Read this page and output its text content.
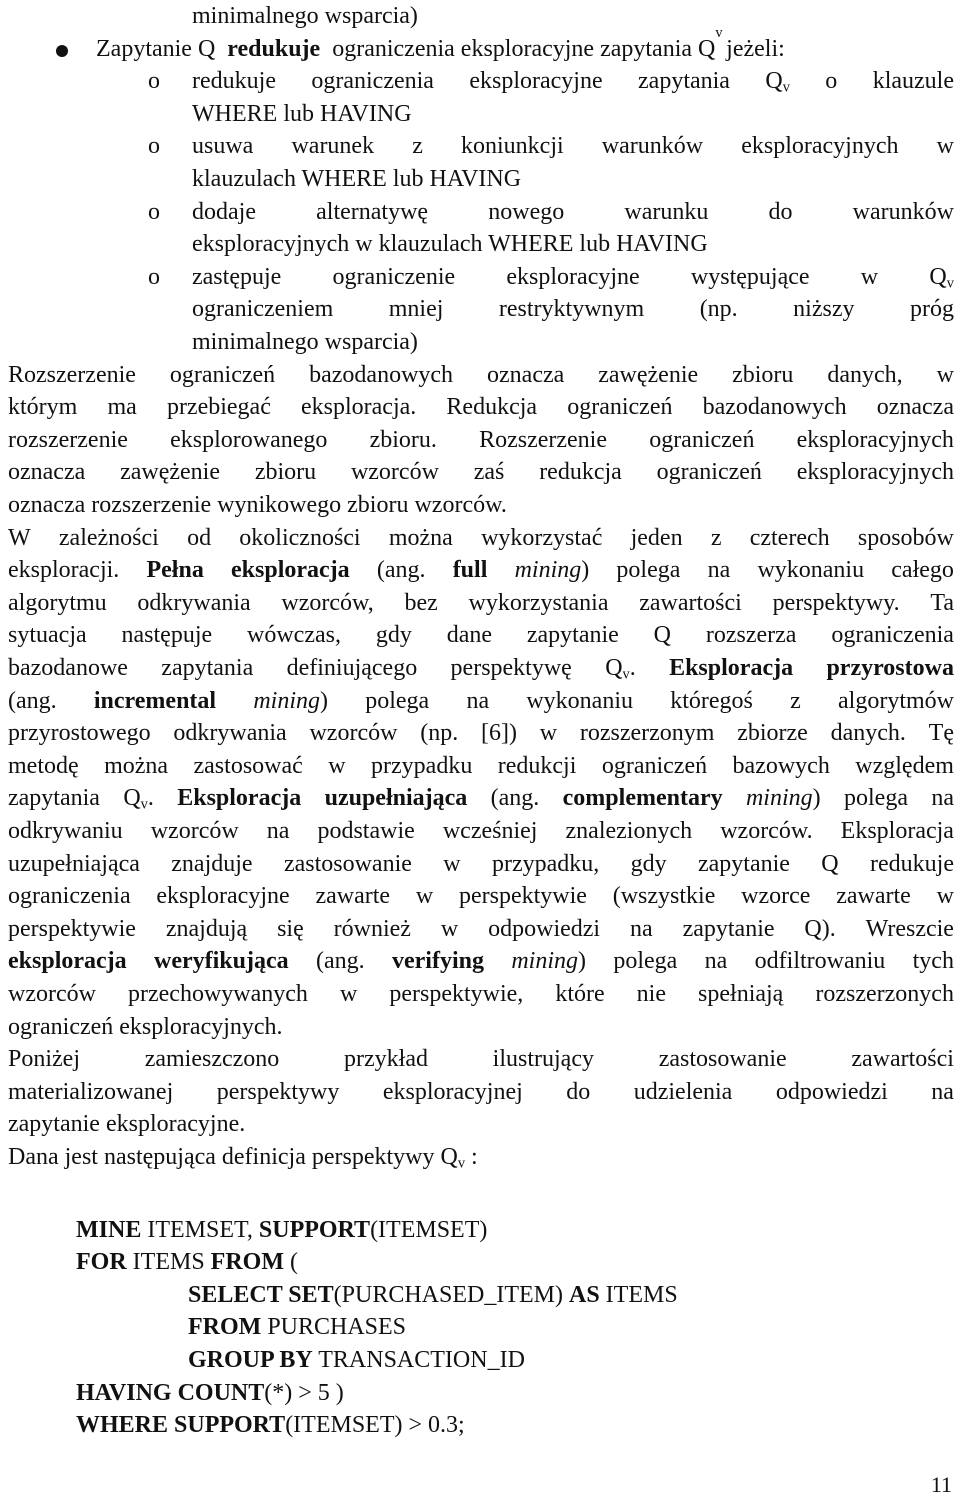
minimalnego wsparcia)
Zapytanie Q redukuje ograniczenia eksploracyjne zapytania Q
v
jeżeli:
o	redukuje ograniczenia eksploracyjne zapytania $Q_v$ o klauzule
WHERE lub HAVING
o	usuwa warunek z koniunkcji warunków eksploracyjnych w
klauzulach WHERE lub HAVING
o	dodaje	alternatywę	nowego	warunku	do	warunków
eksploracyjnych w klauzulach WHERE lub HAVING
o	zastępuje ograniczenie eksploracyjne występujące w $Q_v$
ograniczeniem mniej restryktywnym (np. niższy próg
minimalnego wsparcia)
Rozszerzenie ograniczeń bazodanowych oznacza zawężenie zbioru danych, w
którym ma przebiegać eksploracja. Redukcja ograniczeń bazodanowych oznacza
rozszerzenie eksplorowanego zbioru. Rozszerzenie ograniczeń eksploracyjnych
oznacza zawężenie zbioru wzorców zaś redukcja ograniczeń eksploracyjnych
oznacza rozszerzenie wynikowego zbioru wzorców.
W zależności od okoliczności można wykorzystać jeden z czterech sposobów
eksploracji. Pełna eksploracja (ang. full mining) polega na wykonaniu całego
algorytmu odkrywania wzorców, bez wykorzystania zawartości perspektywy. Ta
sytuacja następuje wówczas, gdy dane zapytanie Q rozszerza ograniczenia
bazodanowe zapytania definiującego perspektywę $Q_v$. Eksploracja przyrostowa
(ang. incremental mining) polega na wykonaniu któregoś z algorytmów
przyrostowego odkrywania wzorców (np. [6]) w rozszerzonym zbiorze danych. Tę
metodę można zastosować w przypadku redukcji ograniczeń bazowych względem
zapytania $Q_v$. Eksploracja uzupełniająca (ang. complementary mining) polega na
odkrywaniu wzorców na podstawie wcześniej znalezionych wzorców. Eksploracja
uzupełniająca znajduje zastosowanie w przypadku, gdy zapytanie Q redukuje
ograniczenia eksploracyjne zawarte w perspektywie (wszystkie wzorce zawarte w
perspektywie znajdują się również w odpowiedzi na zapytanie Q). Wreszcie
eksploracja weryfikująca (ang. verifying mining) polega na odfiltrowaniu tych
wzorców przechowywanych w perspektywie, które nie spełniają rozszerzonych
ograniczeń eksploracyjnych.
Poniżej	zamieszczono	przykład	ilustrujący	zastosowanie	zawartości
materializowanej perspektywy eksploracyjnej do udzielenia odpowiedzi na
zapytanie eksploracyjne.
Dana jest następująca definicja perspektywy $Q_v$ :
MINE ITEMSET, SUPPORT (ITEMSET)
FOR ITEMS FROM (
SELECT SET (PURCHASED_ITEM) AS ITEMS
FROM PURCHASES
GROUP BY TRANSACTION_ID
HAVING COUNT (*) > 5 )
WHERE SUPPORT (ITEMSET) > 0.3;
11
